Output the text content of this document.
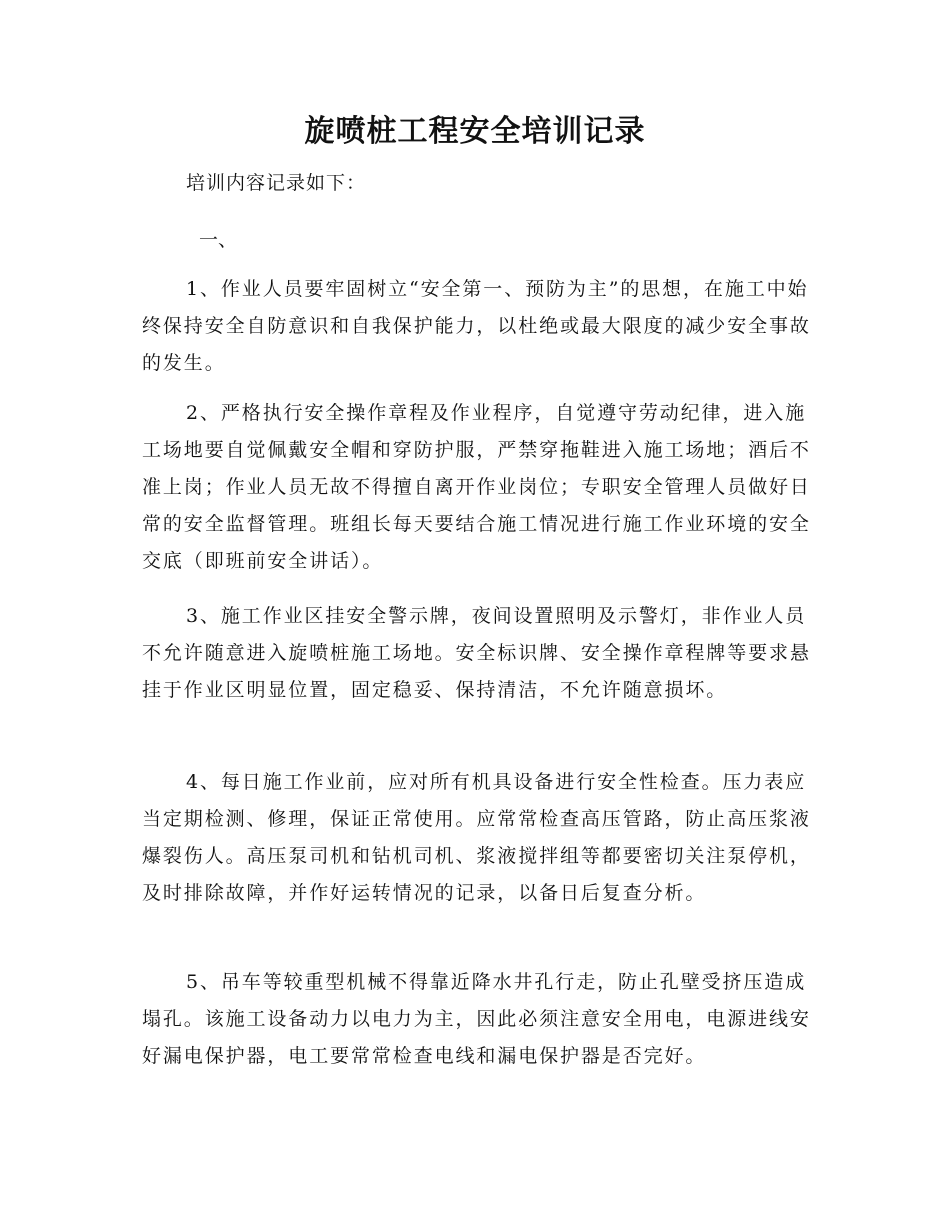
旋喷桩工程安全培训记录

培训内容记录如下：

一、

1、作业人员要牢固树立“安全第一、预防为主”的思想，在施工中始终保持安全自防意识和自我保护能力，以杜绝或最大限度的减少安全事故的发生。

2、严格执行安全操作章程及作业程序，自觉遵守劳动纪律，进入施工场地要自觉佩戴安全帽和穿防护服，严禁穿拖鞋进入施工场地；酒后不准上岗；作业人员无故不得擅自离开作业岗位；专职安全管理人员做好日常的安全监督管理。班组长每天要结合施工情况进行施工作业环境的安全交底（即班前安全讲话）。

3、施工作业区挂安全警示牌，夜间设置照明及示警灯，非作业人员不允许随意进入旋喷桩施工场地。安全标识牌、安全操作章程牌等要求悬挂于作业区明显位置，固定稳妥、保持清洁，不允许随意损坏。

4、每日施工作业前，应对所有机具设备进行安全性检查。压力表应当定期检测、修理，保证正常使用。应常常检查高压管路，防止高压浆液爆裂伤人。高压泵司机和钻机司机、浆液搅拌组等都要密切关注泵停机，及时排除故障，并作好运转情况的记录，以备日后复查分析。

5、吊车等较重型机械不得靠近降水井孔行走，防止孔壁受挤压造成塌孔。该施工设备动力以电力为主，因此必须注意安全用电，电源进线安好漏电保护器，电工要常常检查电线和漏电保护器是否完好。
